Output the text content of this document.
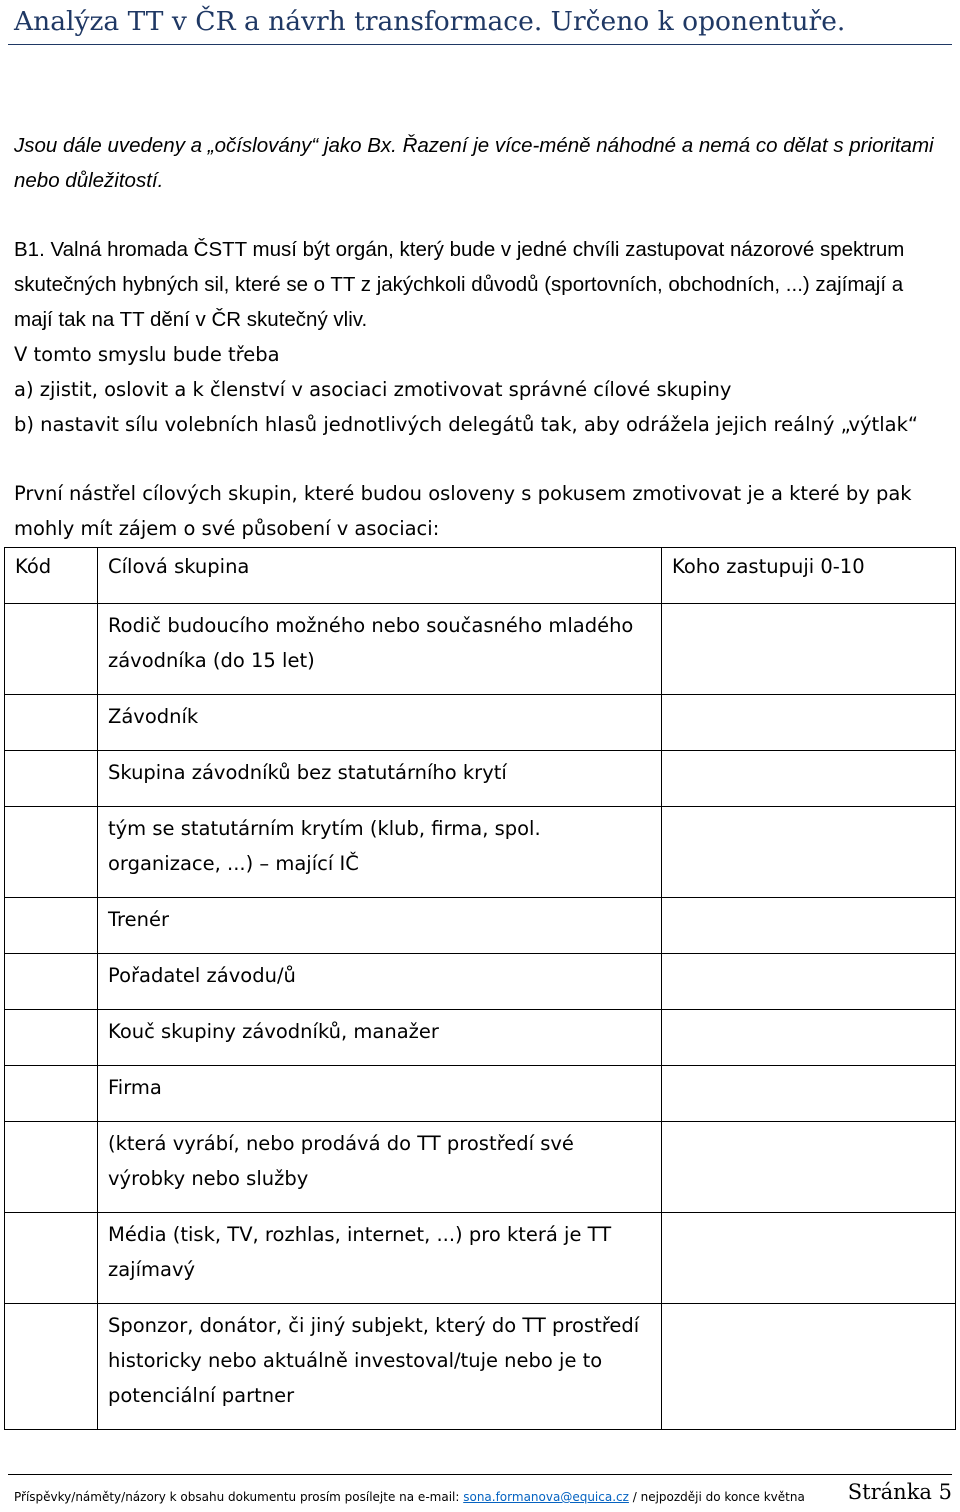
Analýza TT v ČR a návrh transformace. Určeno k oponentuře.
Jsou dále uvedeny a „očíslovány“ jako Bx. Řazení je více-méně náhodné a nemá co dělat s prioritami nebo důležitostí.
B1. Valná hromada ČSTT musí být orgán, který bude v jedné chvíli zastupovat názorové spektrum skutečných hybných sil, které se o TT z jakýchkoli důvodů (sportovních, obchodních, ...) zajímají a mají tak na TT dění v ČR skutečný vliv.

V tomto smyslu bude třeba

a) zjistit, oslovit a k členství v asociaci zmotivovat správné cílové skupiny

b) nastavit sílu volebních hlasů jednotlivých delegátů tak, aby odrážela jejich reálný „výtlak“

První nástřel cílových skupin, které budou osloveny s pokusem zmotivovat je a které by pak mohly mít zájem o své působení v asociaci:
Kód	Cílová skupina	Koho zastupuji 0-10

	Rodič budoucího možného nebo současného mladého závodníka (do 15 let)	

	Závodník	

	Skupina závodníků bez statutárního krytí	

	tým se statutárním krytím (klub, firma, spol. organizace, ...) – mající IČ	

	Trenér	

	Pořadatel závodu/ů	

	Kouč skupiny závodníků, manažer	

	Firma	

	(která vyrábí, nebo prodává do TT prostředí své výrobky nebo služby	

	Média (tisk, TV, rozhlas, internet, ...) pro která je TT zajímavý	

	Sponzor, donátor, či jiný subjekt, který do TT prostředí historicky nebo aktuálně investoval/tuje nebo je to potenciální partner	

Příspěvky/náměty/názory k obsahu dokumentu prosím posílejte na e-mail: sona.formanova@equica.cz / nejpozději do konce května Stránka 5
